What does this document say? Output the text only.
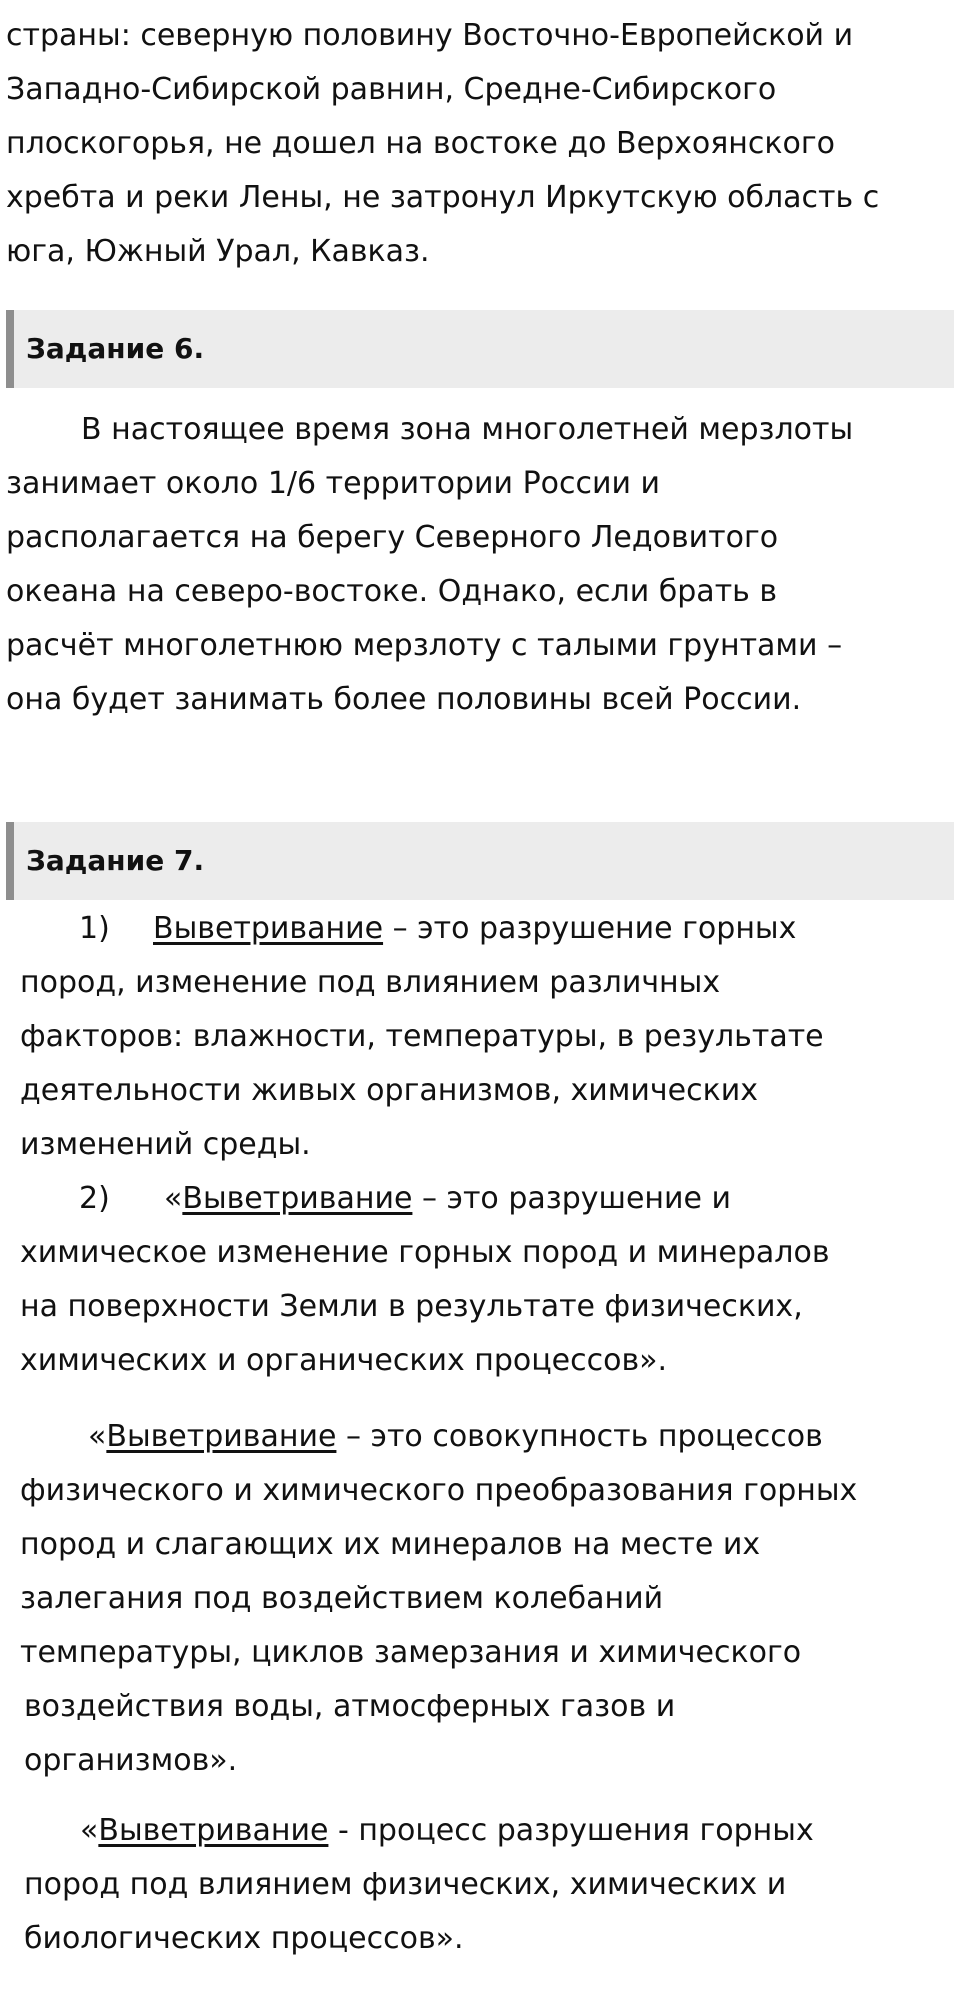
страны: северную половину Восточно-Европейской и
Западно-Сибирской равнин, Средне-Сибирского
плоскогорья, не дошел на востоке до Верхоянского
хребта и реки Лены, не затронул Иркутскую область с
юга, Южный Урал, Кавказ.
Задание 6.
В настоящее время зона многолетней мерзлоты
занимает около 1/6 территории России и
располагается на берегу Северного Ледовитого
океана на северо-востоке. Однако, если брать в
расчёт многолетнюю мерзлоту с талыми грунтами –
она будет занимать более половины всей России.
Задание 7.
1) Выветривание – это разрушение горных
пород, изменение под влиянием различных
факторов: влажности, температуры, в результате
деятельности живых организмов, химических
изменений среды.
2) «Выветривание – это разрушение и
химическое изменение горных пород и минералов
на поверхности Земли в результате физических,
химических и органических процессов».
«Выветривание – это совокупность процессов
физического и химического преобразования горных
пород и слагающих их минералов на месте их
залегания под воздействием колебаний
температуры, циклов замерзания и химического
воздействия воды, атмосферных газов и
организмов».
«Выветривание - процесс разрушения горных
пород под влиянием физических, химических и
биологических процессов».
